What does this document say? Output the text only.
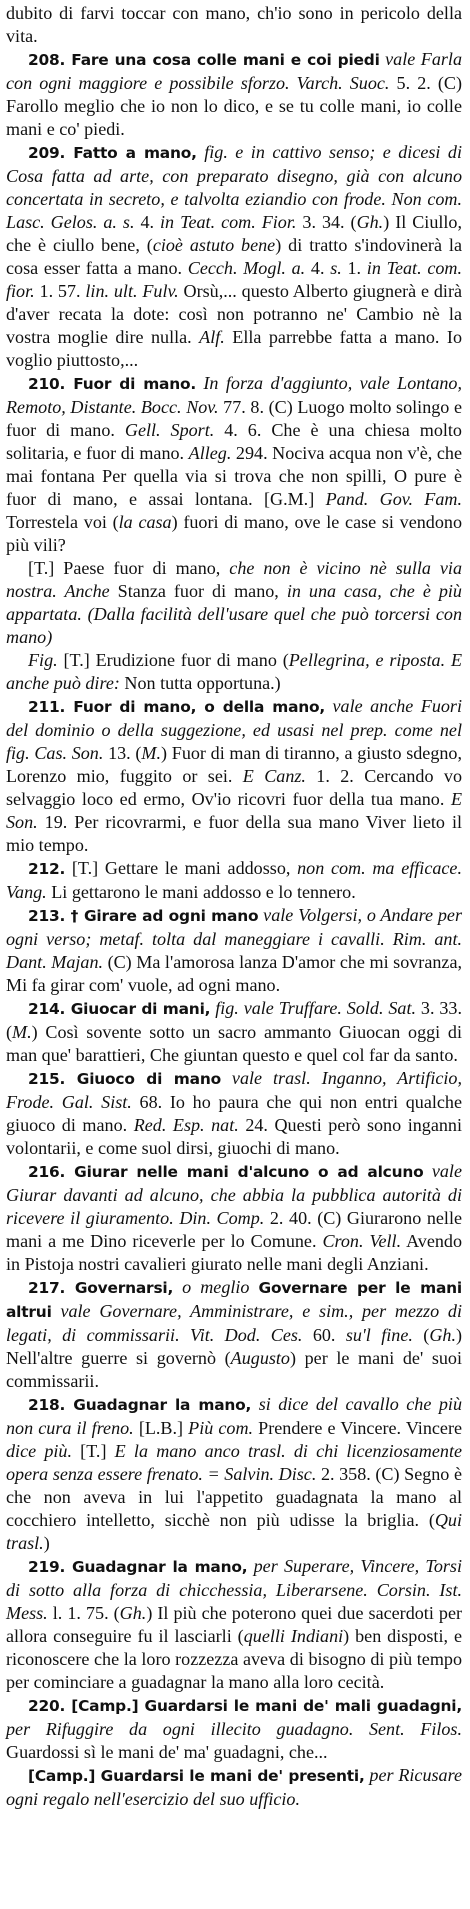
dubito di farvi toccar con mano, ch'io sono in pericolo della vita.

208. Fare una cosa colle mani e coi piedi vale Farla con ogni maggiore e possibile sforzo. Varch. Suoc. 5. 2. (C) Farollo meglio che io non lo dico, e se tu colle mani, io colle mani e co' piedi.

209. Fatto a mano, fig. e in cattivo senso; e dicesi di Cosa fatta ad arte, con preparato disegno, già con alcuno concertata in secreto, e talvolta eziandio con frode. Non com. Lasc. Gelos. a. s. 4. in Teat. com. Fior. 3. 34. (Gh.) Il Ciullo, che è ciullo bene, (cioè astuto bene) di tratto s'indovinerà la cosa esser fatta a mano. Cecch. Mogl. a. 4. s. 1. in Teat. com. fior. 1. 57. lin. ult. Fulv. Orsù,... questo Alberto giugnerà e dirà d'aver recata la dote: così non potranno ne' Cambio nè la vostra moglie dire nulla. Alf. Ella parrebbe fatta a mano. Io voglio piuttosto,...

210. Fuor di mano. In forza d'aggiunto, vale Lontano, Remoto, Distante. Bocc. Nov. 77. 8. (C) Luogo molto solingo e fuor di mano. Gell. Sport. 4. 6. Che è una chiesa molto solitaria, e fuor di mano. Alleg. 294. Nociva acqua non v'è, che mai fontana Per quella via si trova che non spilli, O pure è fuor di mano, e assai lontana. [G.M.] Pand. Gov. Fam. Torrestela voi (la casa) fuori di mano, ove le case si vendono più vili?

[T.] Paese fuor di mano, che non è vicino nè sulla via nostra. Anche Stanza fuor di mano, in una casa, che è più appartata. (Dalla facilità dell'usare quel che può torcersi con mano)

Fig. [T.] Erudizione fuor di mano (Pellegrina, e riposta. E anche può dire: Non tutta opportuna.)

211. Fuor di mano, o della mano, vale anche Fuori del dominio o della suggezione, ed usasi nel prep. come nel fig. Cas. Son. 13. (M.) Fuor di man di tiranno, a giusto sdegno, Lorenzo mio, fuggito or sei. E Canz. 1. 2. Cercando vo selvaggio loco ed ermo, Ov'io ricovri fuor della tua mano. E Son. 19. Per ricovrarmi, e fuor della sua mano Viver lieto il mio tempo.

212. [T.] Gettare le mani addosso, non com. ma efficace. Vang. Li gettarono le mani addosso e lo tennero.

213. † Girare ad ogni mano vale Volgersi, o Andare per ogni verso; metaf. tolta dal maneggiare i cavalli. Rim. ant. Dant. Majan. (C) Ma l'amorosa lanza D'amor che mi sovranza, Mi fa girar com' vuole, ad ogni mano.

214. Giuocar di mani, fig. vale Truffare. Sold. Sat. 3. 33. (M.) Così sovente sotto un sacro ammanto Giuocan oggi di man que' barattieri, Che giuntan questo e quel col far da santo.

215. Giuoco di mano vale trasl. Inganno, Artificio, Frode. Gal. Sist. 68. Io ho paura che qui non entri qualche giuoco di mano. Red. Esp. nat. 24. Questi però sono inganni volontarii, e come suol dirsi, giuochi di mano.

216. Giurar nelle mani d'alcuno o ad alcuno vale Giurar davanti ad alcuno, che abbia la pubblica autorità di ricevere il giuramento. Din. Comp. 2. 40. (C) Giurarono nelle mani a me Dino riceverle per lo Comune. Cron. Vell. Avendo in Pistoja nostri cavalieri giurato nelle mani degli Anziani.

217. Governarsi, o meglio Governare per le mani altrui vale Governare, Amministrare, e sim., per mezzo di legati, di commissarii. Vit. Dod. Ces. 60. su'l fine. (Gh.) Nell'altre guerre si governò (Augusto) per le mani de' suoi commissarii.

218. Guadagnar la mano, si dice del cavallo che più non cura il freno. [L.B.] Più com. Prendere e Vincere. Vincere dice più. [T.] E la mano anco trasl. di chi licenziosamente opera senza essere frenato. = Salvin. Disc. 2. 358. (C) Segno è che non aveva in lui l'appetito guadagnata la mano al cocchiero intelletto, sicchè non più udisse la briglia. (Qui trasl.)

219. Guadagnar la mano, per Superare, Vincere, Torsi di sotto alla forza di chicchessia, Liberarsene. Corsin. Ist. Mess. l. 1. 75. (Gh.) Il più che poterono quei due sacerdoti per allora conseguire fu il lasciarli (quelli Indiani) ben disposti, e riconoscere che la loro rozzezza aveva di bisogno di più tempo per cominciare a guadagnar la mano alla loro cecità.

220. [Camp.] Guardarsi le mani de' mali guadagni, per Rifuggire da ogni illecito guadagno. Sent. Filos. Guardossi sì le mani de' ma' guadagni, che...

[Camp.] Guardarsi le mani de' presenti, per Ricusare ogni regalo nell'esercizio del suo ufficio.
